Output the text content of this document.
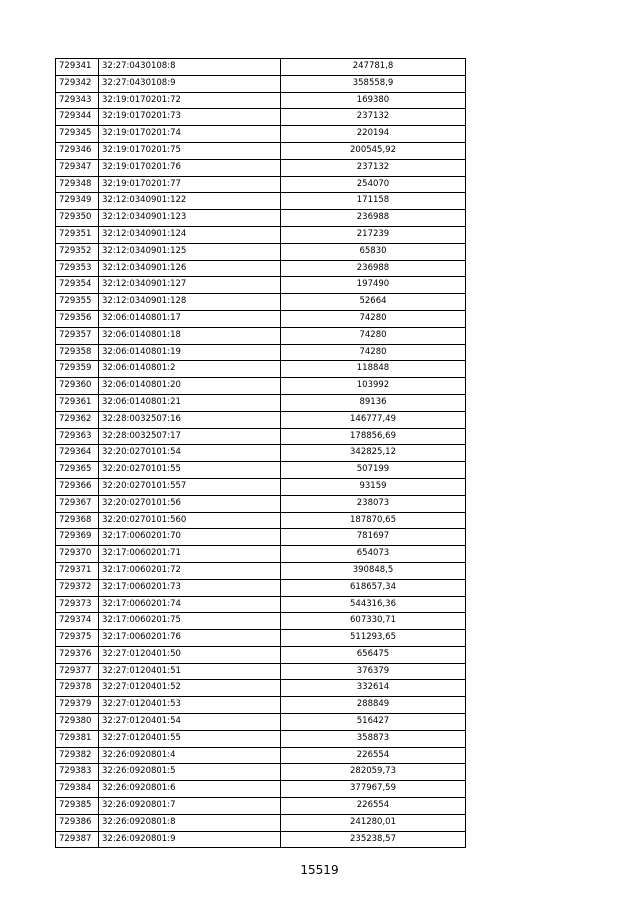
729341	32:27:0430108:8	247781,8
729342	32:27:0430108:9	358558,9
729343	32:19:0170201:72	169380
729344	32:19:0170201:73	237132
729345	32:19:0170201:74	220194
729346	32:19:0170201:75	200545,92
729347	32:19:0170201:76	237132
729348	32:19:0170201:77	254070
729349	32:12:0340901:122	171158
729350	32:12:0340901:123	236988
729351	32:12:0340901:124	217239
729352	32:12:0340901:125	65830
729353	32:12:0340901:126	236988
729354	32:12:0340901:127	197490
729355	32:12:0340901:128	52664
729356	32:06:0140801:17	74280
729357	32:06:0140801:18	74280
729358	32:06:0140801:19	74280
729359	32:06:0140801:2	118848
729360	32:06:0140801:20	103992
729361	32:06:0140801:21	89136
729362	32:28:0032507:16	146777,49
729363	32:28:0032507:17	178856,69
729364	32:20:0270101:54	342825,12
729365	32:20:0270101:55	507199
729366	32:20:0270101:557	93159
729367	32:20:0270101:56	238073
729368	32:20:0270101:560	187870,65
729369	32:17:0060201:70	781697
729370	32:17:0060201:71	654073
729371	32:17:0060201:72	390848,5
729372	32:17:0060201:73	618657,34
729373	32:17:0060201:74	544316,36
729374	32:17:0060201:75	607330,71
729375	32:17:0060201:76	511293,65
729376	32:27:0120401:50	656475
729377	32:27:0120401:51	376379
729378	32:27:0120401:52	332614
729379	32:27:0120401:53	288849
729380	32:27:0120401:54	516427
729381	32:27:0120401:55	358873
729382	32:26:0920801:4	226554
729383	32:26:0920801:5	282059,73
729384	32:26:0920801:6	377967,59
729385	32:26:0920801:7	226554
729386	32:26:0920801:8	241280,01
729387	32:26:0920801:9	235238,57
15519
